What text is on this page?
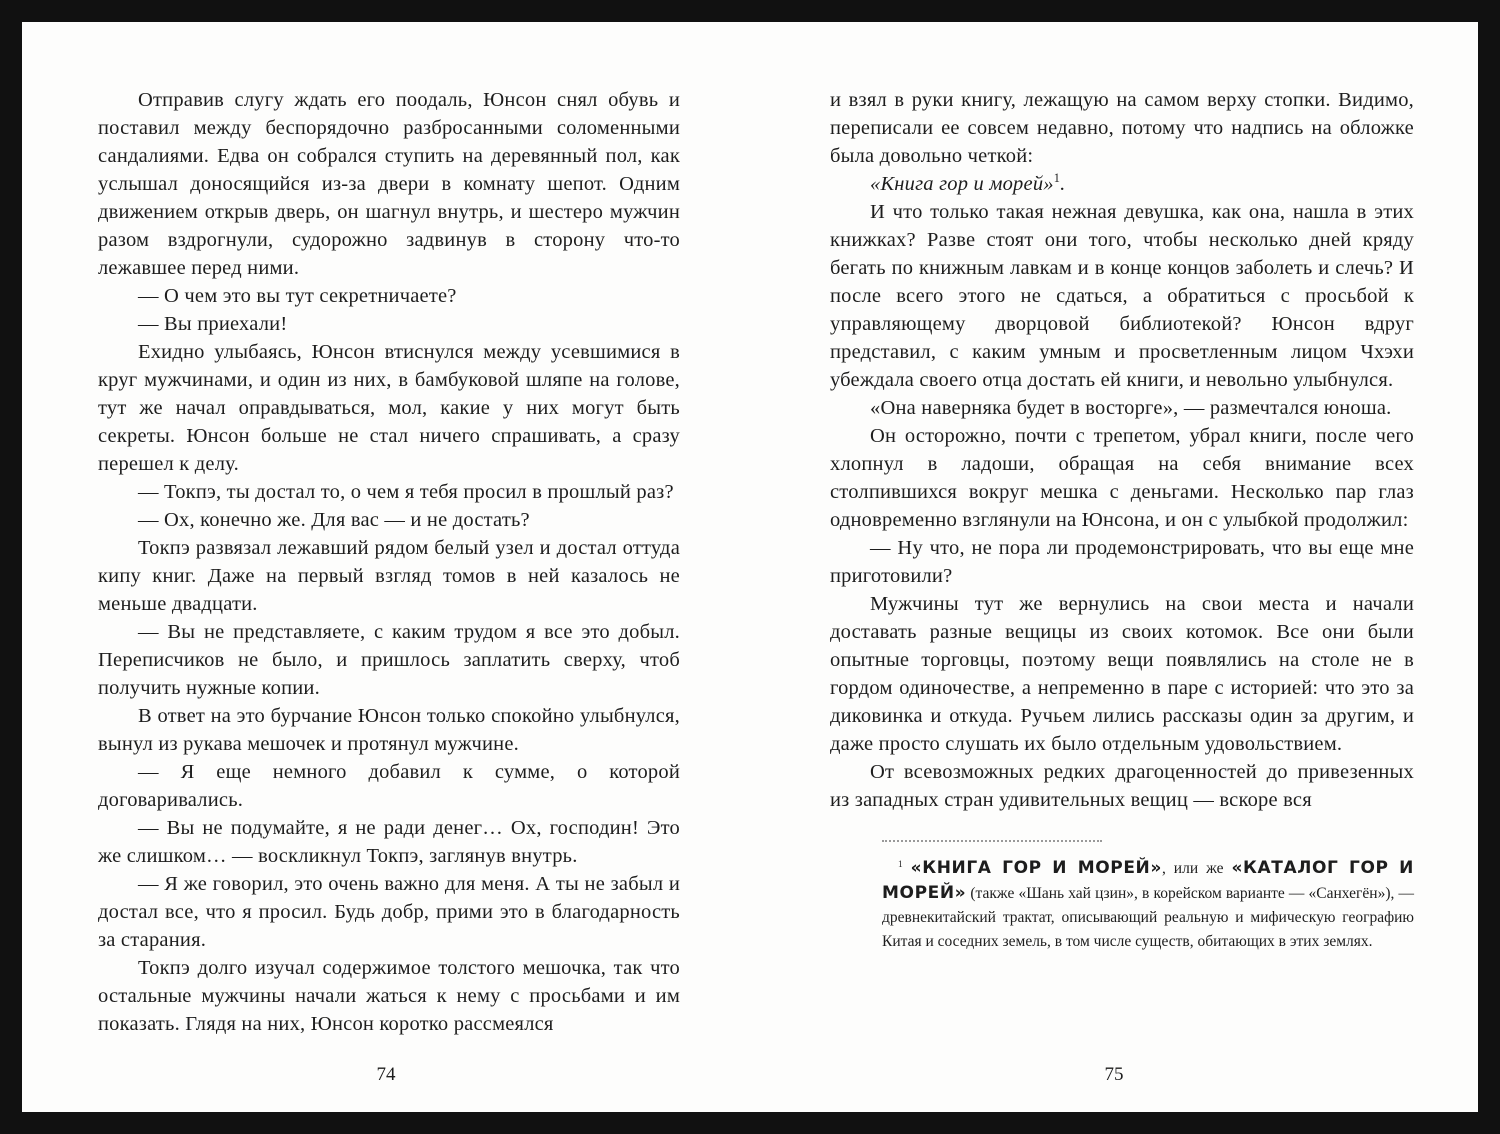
Отправив слугу ждать его поодаль, Юнсон снял обувь и поставил между беспорядочно разбросанными соломенными сандалиями. Едва он собрался ступить на деревянный пол, как услышал доносящийся из-за двери в комнату шепот. Одним движением открыв дверь, он шагнул внутрь, и шестеро мужчин разом вздрогнули, судорожно задвинув в сторону что-то лежавшее перед ними.

— О чем это вы тут секретничаете?

— Вы приехали!

Ехидно улыбаясь, Юнсон втиснулся между усевшимися в круг мужчинами, и один из них, в бамбуковой шляпе на голове, тут же начал оправдываться, мол, какие у них могут быть секреты. Юнсон больше не стал ничего спрашивать, а сразу перешел к делу.

— Токпэ, ты достал то, о чем я тебя просил в прошлый раз?

— Ох, конечно же. Для вас — и не достать?

Токпэ развязал лежавший рядом белый узел и достал оттуда кипу книг. Даже на первый взгляд томов в ней казалось не меньше двадцати.

— Вы не представляете, с каким трудом я все это добыл. Переписчиков не было, и пришлось заплатить сверху, чтоб получить нужные копии.

В ответ на это бурчание Юнсон только спокойно улыбнулся, вынул из рукава мешочек и протянул мужчине.

— Я еще немного добавил к сумме, о которой договаривались.

— Вы не подумайте, я не ради денег… Ох, господин! Это же слишком… — воскликнул Токпэ, заглянув внутрь.

— Я же говорил, это очень важно для меня. А ты не забыл и достал все, что я просил. Будь добр, прими это в благодарность за старания.

Токпэ долго изучал содержимое толстого мешочка, так что остальные мужчины начали жаться к нему с просьбами и им показать. Глядя на них, Юнсон коротко рассмеялся

74

и взял в руки книгу, лежащую на самом верху стопки. Видимо, переписали ее совсем недавно, потому что надпись на обложке была довольно четкой:

«Книга гор и морей»$^1$.

И что только такая нежная девушка, как она, нашла в этих книжках? Разве стоят они того, чтобы несколько дней кряду бегать по книжным лавкам и в конце концов заболеть и слечь? И после всего этого не сдаться, а обратиться с просьбой к управляющему дворцовой библиотекой? Юнсон вдруг представил, с каким умным и просветленным лицом Чхэхи убеждала своего отца достать ей книги, и невольно улыбнулся.

«Она наверняка будет в восторге», — размечтался юноша.

Он осторожно, почти с трепетом, убрал книги, после чего хлопнул в ладоши, обращая на себя внимание всех столпившихся вокруг мешка с деньгами. Несколько пар глаз одновременно взглянули на Юнсона, и он с улыбкой продолжил:

— Ну что, не пора ли продемонстрировать, что вы еще мне приготовили?

Мужчины тут же вернулись на свои места и начали доставать разные вещицы из своих котомок. Все они были опытные торговцы, поэтому вещи появлялись на столе не в гордом одиночестве, а непременно в паре с историей: что это за диковинка и откуда. Ручьем лились рассказы один за другим, и даже просто слушать их было отдельным удовольствием.

От всевозможных редких драгоценностей до привезенных из западных стран удивительных вещиц — вскоре вся

$^1$ «КНИГА ГОР И МОРЕЙ», или же «КАТАЛОГ ГОР И МОРЕЙ» (также «Шань хай цзин», в корейском варианте — «Санхегён»), — древнекитайский трактат, описывающий реальную и мифическую географию Китая и соседних земель, в том числе существ, обитающих в этих землях.

75
